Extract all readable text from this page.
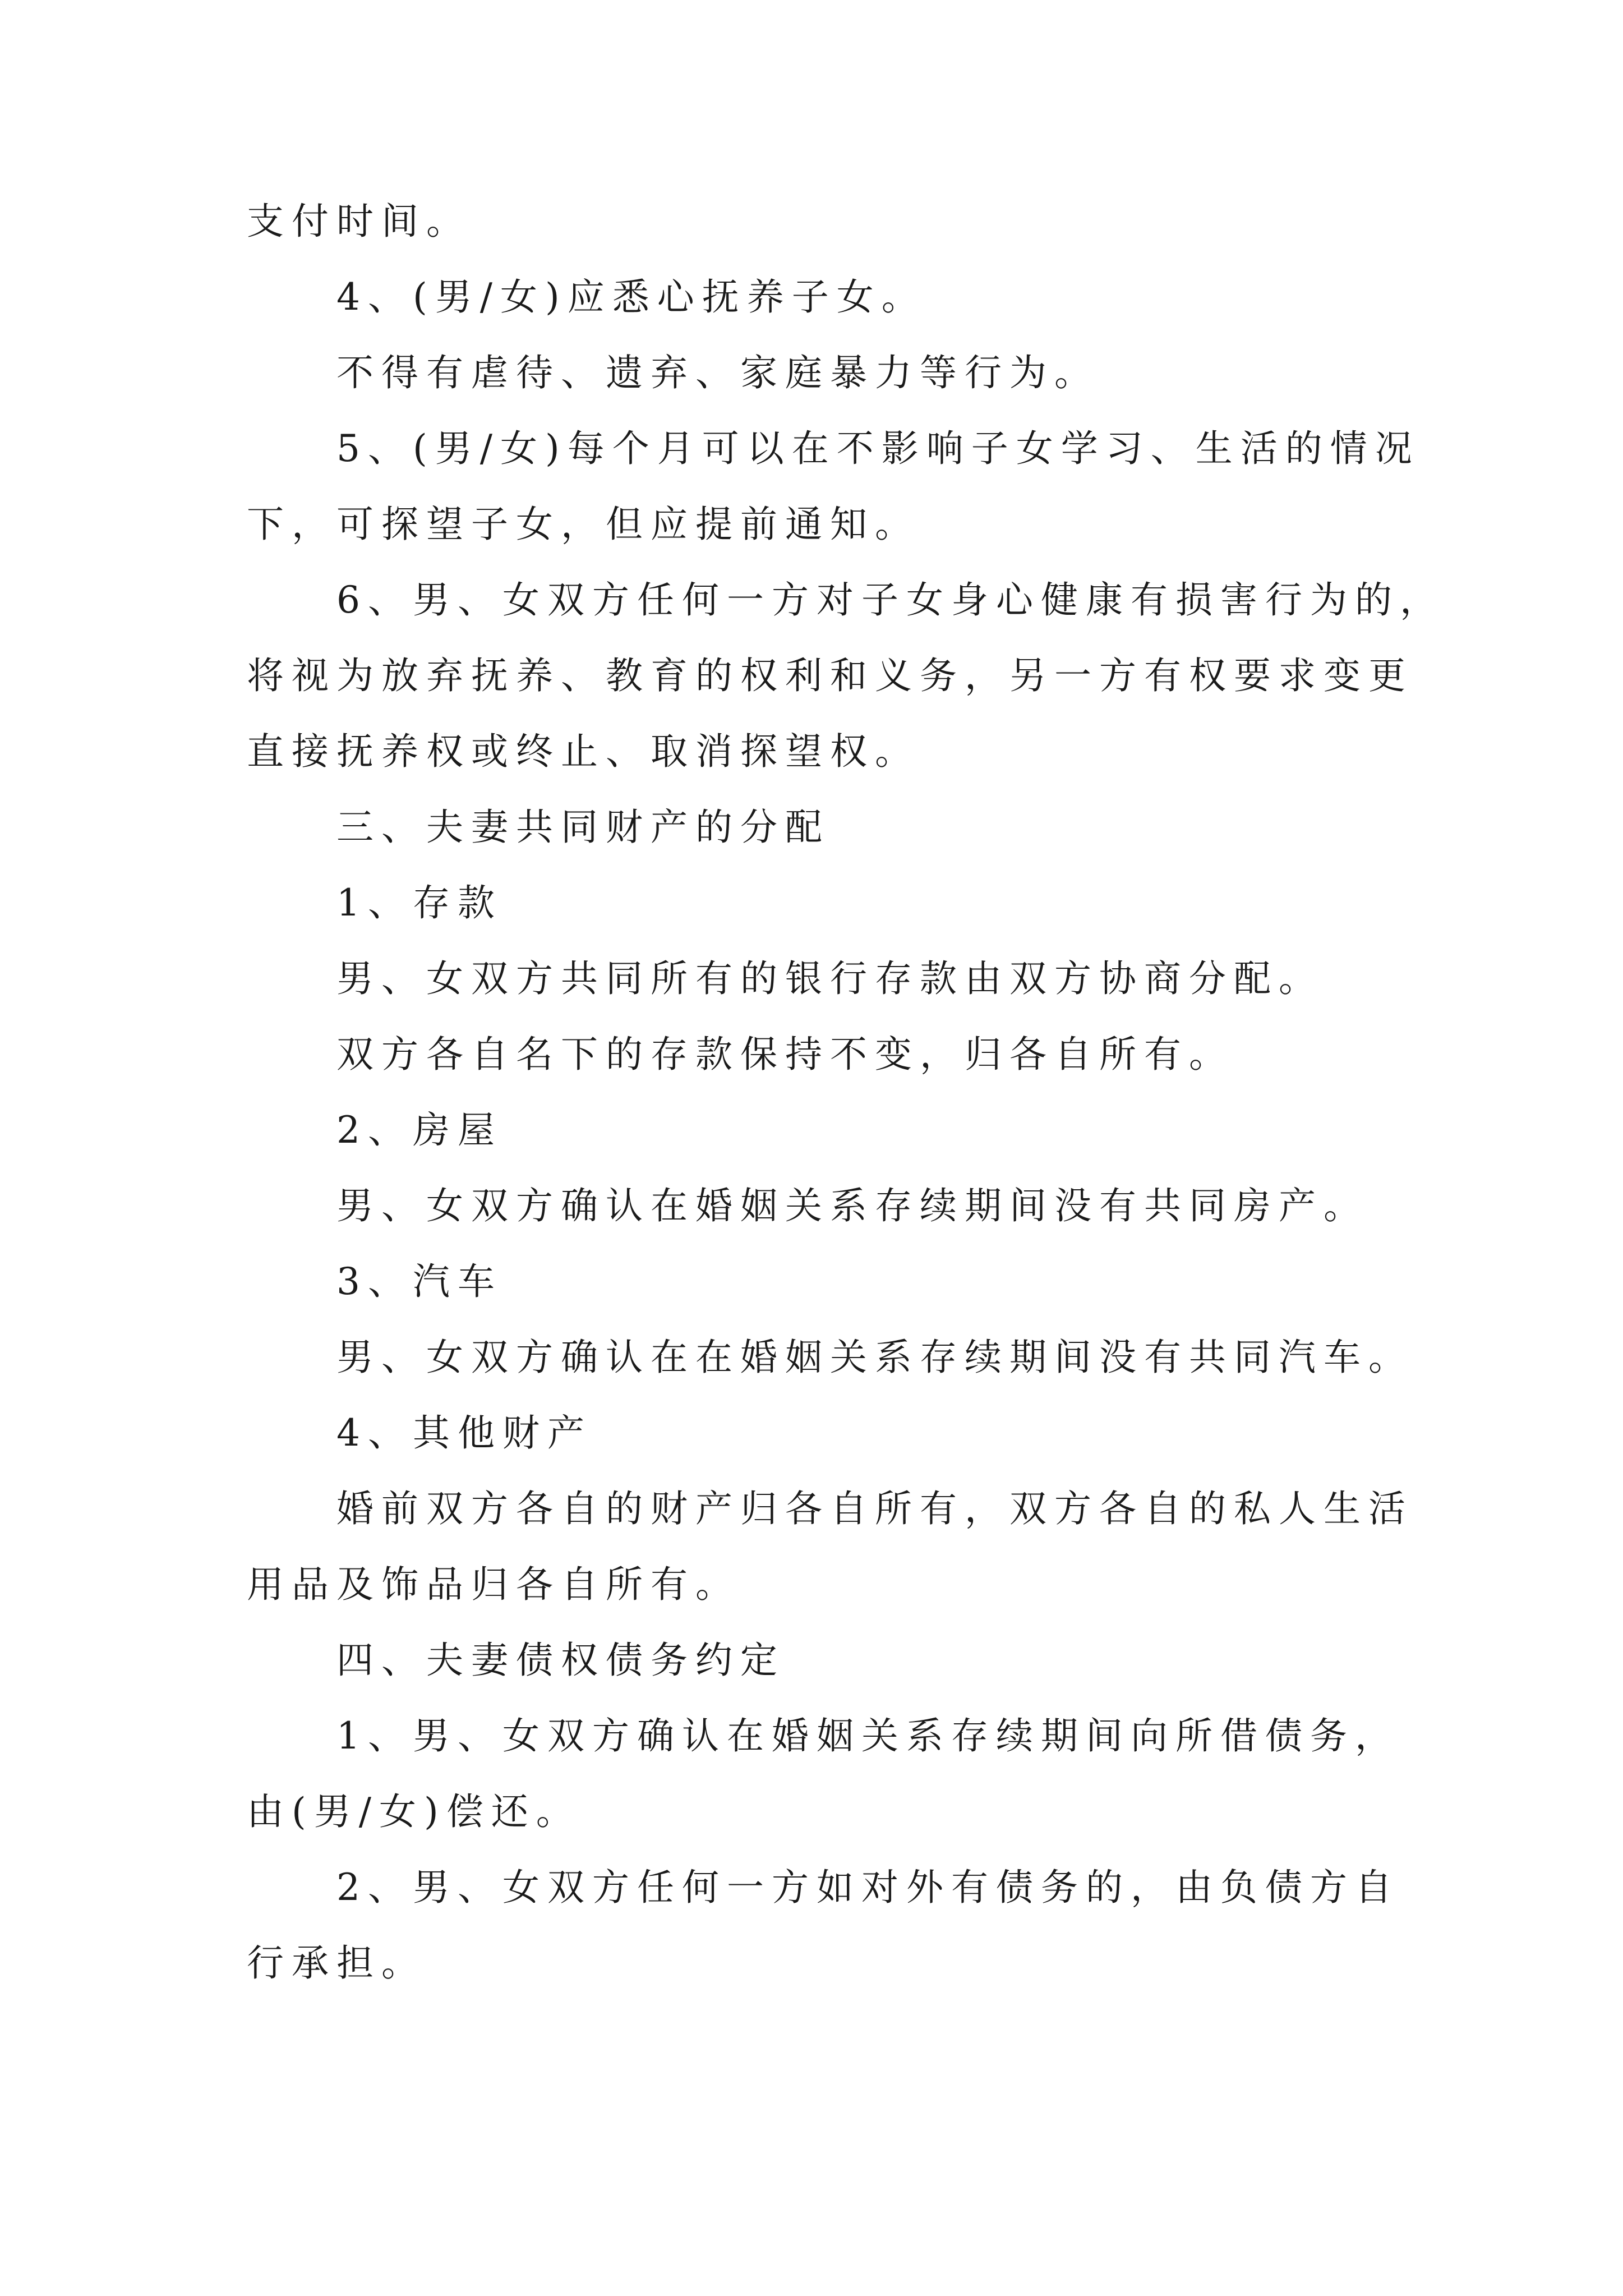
支付时间。
4、(男/女)应悉心抚养子女。
不得有虐待、遗弃、家庭暴力等行为。
5、(男/女)每个月可以在不影响子女学习、生活的情况
下，可探望子女，但应提前通知。
6、男、女双方任何一方对子女身心健康有损害行为的，
将视为放弃抚养、教育的权利和义务，另一方有权要求变更
直接抚养权或终止、取消探望权。
三、夫妻共同财产的分配
1、存款
男、女双方共同所有的银行存款由双方协商分配。
双方各自名下的存款保持不变，归各自所有。
2、房屋
男、女双方确认在婚姻关系存续期间没有共同房产。
3、汽车
男、女双方确认在在婚姻关系存续期间没有共同汽车。
4、其他财产
婚前双方各自的财产归各自所有，双方各自的私人生活
用品及饰品归各自所有。
四、夫妻债权债务约定
1、男、女双方确认在婚姻关系存续期间向所借债务，
由(男/女)偿还。
2、男、女双方任何一方如对外有债务的，由负债方自
行承担。
